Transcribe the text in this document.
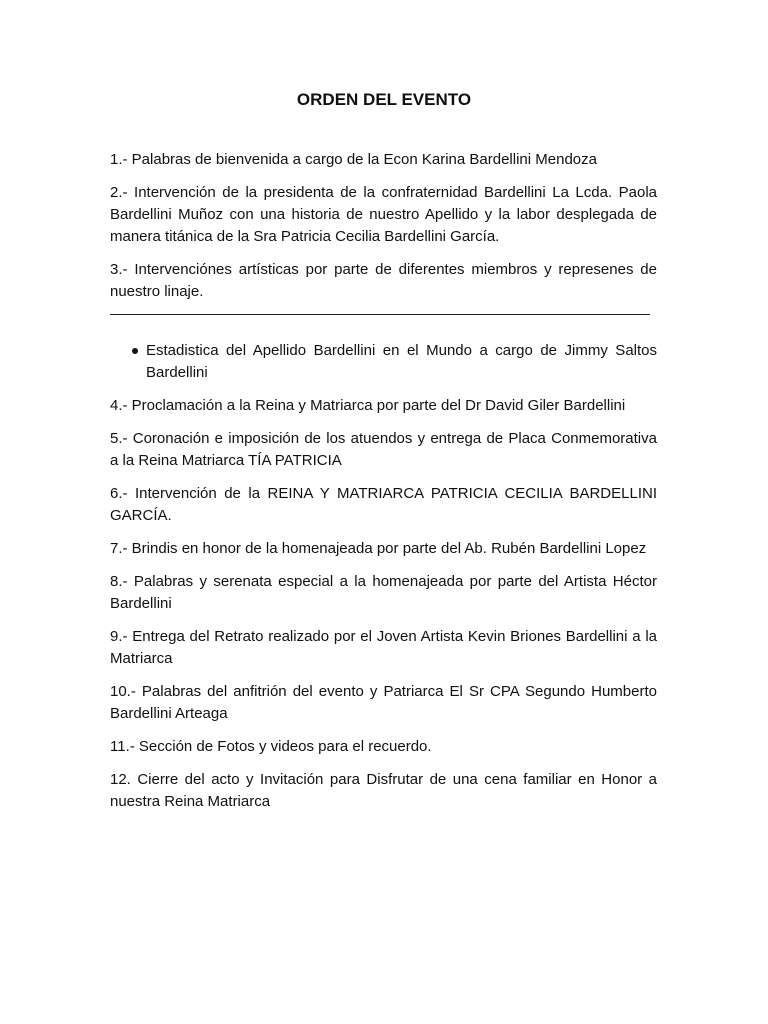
ORDEN DEL EVENTO

1.- Palabras de bienvenida a cargo de la Econ Karina Bardellini Mendoza

2.- Intervención de la presidenta de la confraternidad Bardellini La Lcda. Paola Bardellini Muñoz con una historia de nuestro Apellido y la labor desplegada de manera titánica de la Sra Patricia Cecilia Bardellini García.

3.- Intervenciónes artísticas por parte de diferentes miembros y represenes de nuestro linaje.

Estadistica del Apellido Bardellini en el Mundo a cargo de Jimmy Saltos Bardellini

4.- Proclamación a la Reina y Matriarca por parte del Dr David Giler Bardellini

5.- Coronación e imposición de los atuendos y entrega de Placa Conmemorativa a la Reina Matriarca TÍA PATRICIA

6.- Intervención de la REINA Y MATRIARCA PATRICIA CECILIA BARDELLINI GARCÍA.

7.- Brindis en honor de la homenajeada por parte del Ab. Rubén Bardellini Lopez

8.- Palabras y serenata especial a la homenajeada por parte del Artista Héctor Bardellini

9.- Entrega del Retrato realizado por el Joven Artista Kevin Briones Bardellini a la Matriarca

10.- Palabras del anfitrión del evento y Patriarca El Sr CPA Segundo Humberto Bardellini Arteaga

11.- Sección de Fotos y videos para el recuerdo.

12. Cierre del acto y Invitación para Disfrutar de una cena familiar en Honor a nuestra Reina Matriarca
